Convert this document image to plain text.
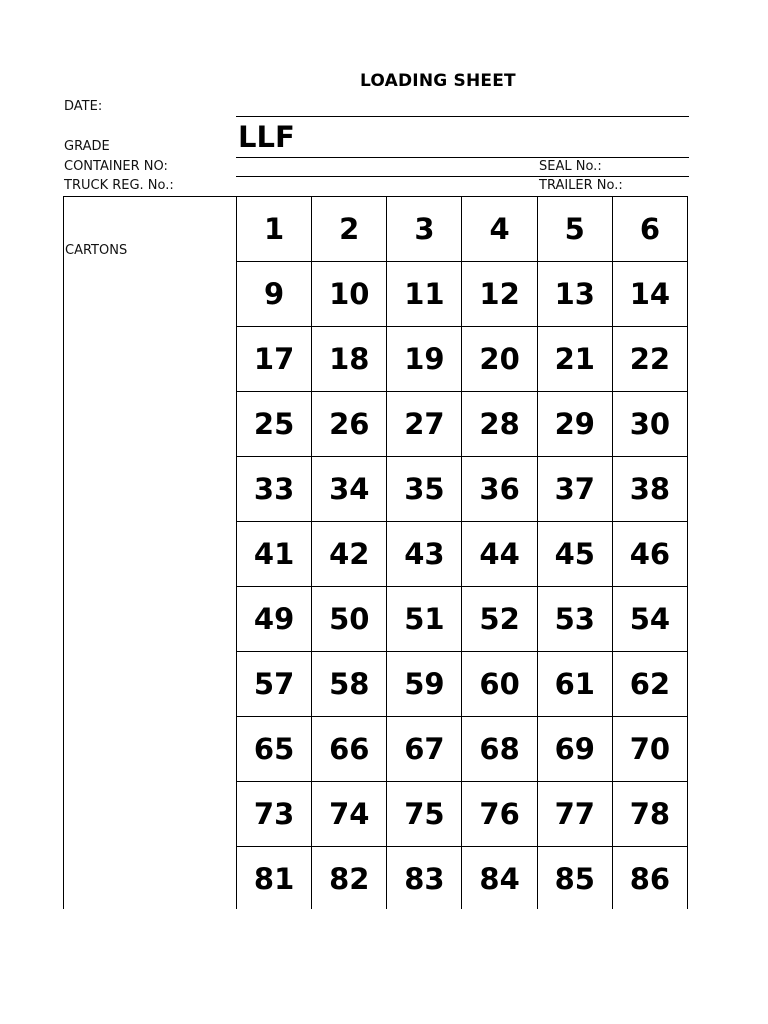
LOADING SHEET
DATE:
GRADE	LLF
CONTAINER NO:	SEAL No.:
TRUCK REG. No.:	TRAILER No.:
CARTONS
1	2	3	4	5	6
9	10	11	12	13	14
17	18	19	20	21	22
25	26	27	28	29	30
33	34	35	36	37	38
41	42	43	44	45	46
49	50	51	52	53	54
57	58	59	60	61	62
65	66	67	68	69	70
73	74	75	76	77	78
81	82	83	84	85	86
